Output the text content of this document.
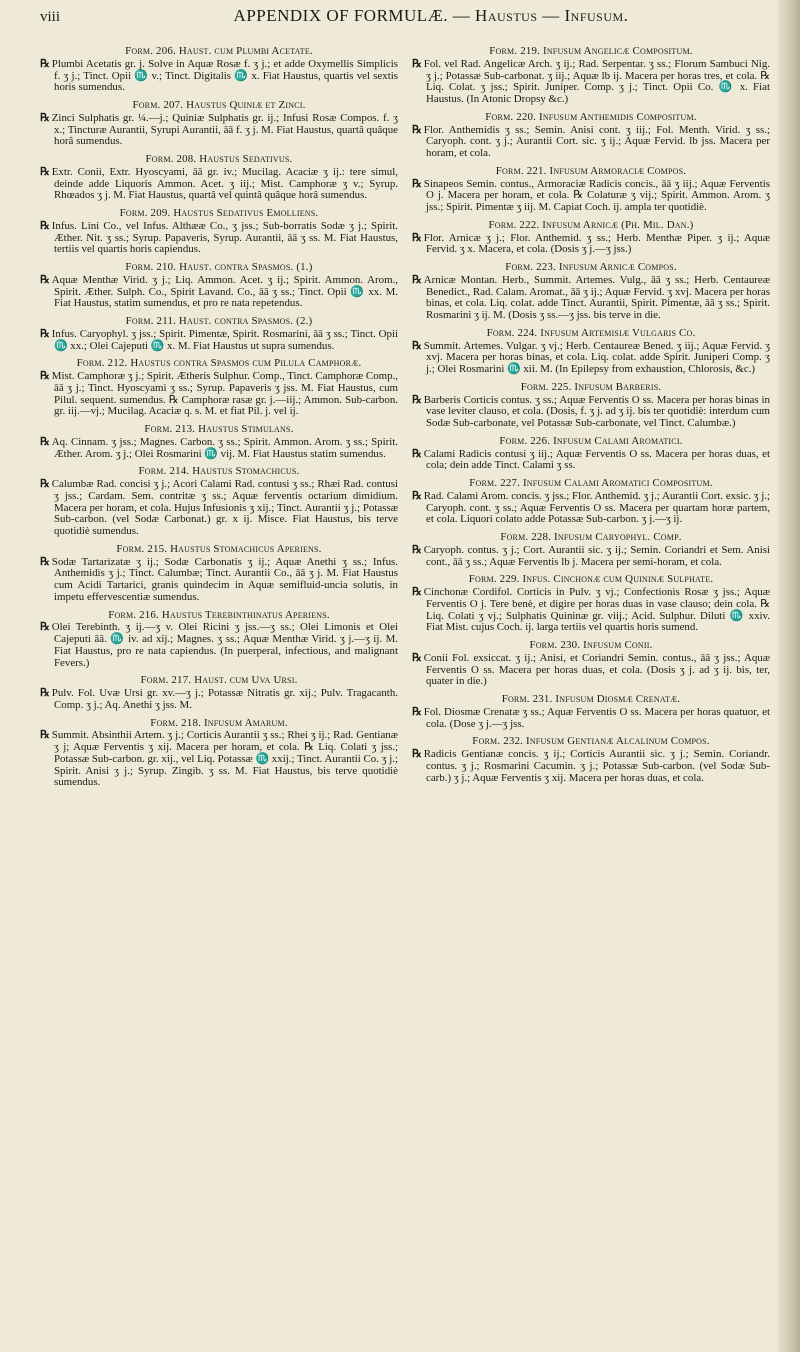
viii	APPENDIX OF FORMULÆ. — Haustus — Infusum.
Form. 206. Haust. cum Plumbi Acetate.
℞ Plumbi Acetatis gr. j. Solve in Aquæ Rosæ f. ʒ j.; et adde Oxymellis Simplicis f. ʒ j.; Tinct. Opii ♏ v.; Tinct. Digitalis ♏ x. Fiat Haustus, quartis vel sextis horis sumendus.
Form. 207. Haustus Quiniæ et Zinci.
℞ Zinci Sulphatis gr. ¼.—j.; Quiniæ Sulphatis gr. ij.; Infusi Rosæ Compos. f. ʒ x.; Tincturæ Aurantii, Syrupi Aurantii, āā f. ʒ j. M. Fiat Haustus, quartâ quâque horâ sumendus.
Form. 208. Haustus Sedativus.
℞ Extr. Conii, Extr. Hyoscyami, āā gr. iv.; Mucilag. Acaciæ ʒ ij.: tere simul, deinde adde Liquoris Ammon. Acet. ʒ iij.; Mist. Camphoræ ʒ v.; Syrup. Rhœados ʒ j. M. Fiat Haustus, quartâ vel quintâ quâque horâ sumendus.
Form. 209. Haustus Sedativus Emolliens.
℞ Infus. Lini Co., vel Infus. Althææ Co., ʒ jss.; Sub-borratis Sodæ ʒ j.; Spirit. Æther. Nit. ʒ ss.; Syrup. Papaveris, Syrup. Aurantii, āā ʒ ss. M. Fiat Haustus, tertiis vel quartis horis capiendus.
Form. 210. Haust. contra Spasmos. (1.)
℞ Aquæ Menthæ Virid. ʒ j.; Liq. Ammon. Acet. ʒ ij.; Spirit. Ammon. Arom., Spirit. Æther. Sulph. Co., Spirit Lavand. Co., āā ʒ ss.; Tinct. Opii ♏ xx. M. Fiat Haustus, statim sumendus, et pro re nata repetendus.
Form. 211. Haust. contra Spasmos. (2.)
℞ Infus. Caryophyl. ʒ jss.; Spirit. Pimentæ, Spirit. Rosmarini, āā ʒ ss.; Tinct. Opii ♏ xx.; Olei Cajeputi ♏ x. M. Fiat Haustus ut supra sumendus.
Form. 212. Haustus contra Spasmos cum Pilula Camphoræ.
℞ Mist. Camphoræ ʒ j.; Spirit. Ætheris Sulphur. Comp., Tinct. Camphoræ Comp., āā ʒ j.; Tinct. Hyoscyami ʒ ss.; Syrup. Papaveris ʒ jss. M. Fiat Haustus, cum Pilul. sequent. sumendus. ℞ Camphoræ rasæ gr. j.—iij.; Ammon. Sub-carbon. gr. iij.—vj.; Mucilag. Acaciæ q. s. M. et fiat Pil. j. vel ij.
Form. 213. Haustus Stimulans.
℞ Aq. Cinnam. ʒ jss.; Magnes. Carbon. ʒ ss.; Spirit. Ammon. Arom. ʒ ss.; Spirit. Æther. Arom. ʒ j.; Olei Rosmarini ♏ vij. M. Fiat Haustus statim sumendus.
Form. 214. Haustus Stomachicus.
℞ Calumbæ Rad. concisi ʒ j.; Acori Calami Rad. contusi ʒ ss.; Rhæi Rad. contusi ʒ jss.; Cardam. Sem. contritæ ʒ ss.; Aquæ ferventis octarium dimidium. Macera per horam, et cola. Hujus Infusionis ʒ xij.; Tinct. Aurantii ʒ j.; Potassæ Sub-carbon. (vel Sodæ Carbonat.) gr. x ij. Misce. Fiat Haustus, bis terve quotidiè sumendus.
Form. 215. Haustus Stomachicus Aperiens.
℞ Sodæ Tartarizatæ ʒ ij.; Sodæ Carbonatis ʒ ij.; Aquæ Anethi ʒ ss.; Infus. Anthemidis ʒ j.; Tinct. Calumbæ; Tinct. Aurantii Co., āā ʒ j. M. Fiat Haustus cum Acidi Tartarici, granis quindecim in Aquæ semifluid-uncia solutis, in impetu effervescentiæ sumendus.
Form. 216. Haustus Terebinthinatus Aperiens.
℞ Olei Terebinth. ʒ ij.—ʒ v. Olei Ricini ʒ jss.—ʒ ss.; Olei Limonis et Olei Cajeputi āā. ♏ iv. ad xij.; Magnes. ʒ ss.; Aquæ Menthæ Virid. ʒ j.—ʒ ij. M. Fiat Haustus, pro re nata capiendus. (In puerperal, infectious, and malignant Fevers.)
Form. 217. Haust. cum Uva Ursi.
℞ Pulv. Fol. Uvæ Ursi gr. xv.—ʒ j.; Potassæ Nitratis gr. xij.; Pulv. Tragacanth. Comp. ʒ j.; Aq. Anethi ʒ jss. M.
Form. 218. Infusum Amarum.
℞ Summit. Absinthii Artem. ʒ j.; Corticis Aurantii ʒ ss.; Rhei ʒ ij.; Rad. Gentianæ ʒ j; Aquæ Ferventis ʒ xij. Macera per horam, et cola. ℞ Liq. Colati ʒ jss.; Potassæ Sub-carbon. gr. xij., vel Liq. Potassæ ♏ xxij.; Tinct. Aurantii Co. ʒ j.; Spirit. Anisi ʒ j.; Syrup. Zingib. ʒ ss. M. Fiat Haustus, bis terve quotidiè sumendus.
Form. 219. Infusum Angelicæ Compositum.
℞ Fol. vel Rad. Angelicæ Arch. ʒ ij.; Rad. Serpentar. ʒ ss.; Florum Sambuci Nig. ʒ j.; Potassæ Sub-carbonat. ʒ iij.; Aquæ lb ij. Macera per horas tres, et cola. ℞ Liq. Colat. ʒ jss.; Spirit. Juniper. Comp. ʒ j.; Tinct. Opii Co. ♏ x. Fiat Haustus. (In Atonic Dropsy &c.)
Form. 220. Infusum Anthemidis Compositum.
℞ Flor. Anthemidis ʒ ss.; Semin. Anisi cont. ʒ iij.; Fol. Menth. Virid. ʒ ss.; Caryoph. cont. ʒ j.; Aurantii Cort. sic. ʒ ij.; Aquæ Fervid. lb jss. Macera per horam, et cola.
Form. 221. Infusum Armoraciæ Compos.
℞ Sinapeos Semin. contus., Armoraciæ Radicis concis., āā ʒ iij.; Aquæ Ferventis O j. Macera per horam, et cola. ℞ Colaturæ ʒ vij.; Spirit. Ammon. Arom. ʒ jss.; Spirit. Pimentæ ʒ iij. M. Capiat Coch. ij. ampla ter quotidiè.
Form. 222. Infusum Arnicæ (Ph. Mil. Dan.)
℞ Flor. Arnicæ ʒ j.; Flor. Anthemid. ʒ ss.; Herb. Menthæ Piper. ʒ ij.; Aquæ Fervid. ʒ x. Macera, et cola. (Dosis ʒ j.—ʒ jss.)
Form. 223. Infusum Arnicæ Compos.
℞ Arnicæ Montan. Herb., Summit. Artemes. Vulg., āā ʒ ss.; Herb. Centaureæ Benedict., Rad. Calam. Aromat., āā ʒ ij.; Aquæ Fervid. ʒ xvj. Macera per horas binas, et cola. Liq. colat. adde Tinct. Aurantii, Spirit. Pimentæ, āā ʒ ss.; Spirit. Rosmarini ʒ ij. M. (Dosis ʒ ss.—ʒ jss. bis terve in die.
Form. 224. Infusum Artemisiæ Vulgaris Co.
℞ Summit. Artemes. Vulgar. ʒ vj.; Herb. Centaureæ Bened. ʒ iij.; Aquæ Fervid. ʒ xvj. Macera per horas binas, et cola. Liq. colat. adde Spirit. Juniperi Comp. ʒ j.; Olei Rosmarini ♏ xii. M. (In Epilepsy from exhaustion, Chlorosis, &c.)
Form. 225. Infusum Barberis.
℞ Barberis Corticis contus. ʒ ss.; Aquæ Ferventis O ss. Macera per horas binas in vase leviter clauso, et cola. (Dosis, f. ʒ j. ad ʒ ij. bis ter quotidiè: interdum cum Sodæ Sub-carbonate, vel Potassæ Sub-carbonate, vel Tinct. Calumbæ.)
Form. 226. Infusum Calami Aromatici.
℞ Calami Radicis contusi ʒ iij.; Aquæ Ferventis O ss. Macera per horas duas, et cola; dein adde Tinct. Calami ʒ ss.
Form. 227. Infusum Calami Aromatici Compositum.
℞ Rad. Calami Arom. concis. ʒ jss.; Flor. Anthemid. ʒ j.; Aurantii Cort. exsic. ʒ j.; Caryoph. cont. ʒ ss.; Aquæ Ferventis O ss. Macera per quartam horæ partem, et cola. Liquori colato adde Potassæ Sub-carbon. ʒ j.—ʒ ij.
Form. 228. Infusum Caryophyl. Comp.
℞ Caryoph. contus. ʒ j.; Cort. Aurantii sic. ʒ ij.; Semin. Coriandri et Sem. Anisi cont., āā ʒ ss.; Aquæ Ferventis lb j. Macera per semi-horam, et cola.
Form. 229. Infus. Cinchonæ cum Quininæ Sulphate.
℞ Cinchonæ Cordifol. Corticis in Pulv. ʒ vj.; Confectionis Rosæ ʒ jss.; Aquæ Ferventis O j. Tere benè, et digire per horas duas in vase clauso; dein cola. ℞ Liq. Colati ʒ vj.; Sulphatis Quininæ gr. viij.; Acid. Sulphur. Diluti ♏ xxiv. Fiat Mist. cujus Coch. ij. larga tertiis vel quartis horis sumend.
Form. 230. Infusum Conii.
℞ Conii Fol. exsiccat. ʒ ij.; Anisi, et Coriandri Semin. contus., āā ʒ jss.; Aquæ Ferventis O ss. Macera per horas duas, et cola. (Dosis ʒ j. ad ʒ ij. bis, ter, quater in die.)
Form. 231. Infusum Diosmæ Crenatæ.
℞ Fol. Diosmæ Crenatæ ʒ ss.; Aquæ Ferventis O ss. Macera per horas quatuor, et cola. (Dose ʒ j.—ʒ jss.
Form. 232. Infusum Gentianæ Alcalinum Compos.
℞ Radicis Gentianæ concis. ʒ ij.; Corticis Aurantii sic. ʒ j.; Semin. Coriandr. contus. ʒ j.; Rosmarini Cacumin. ʒ j.; Potassæ Sub-carbon. (vel Sodæ Sub-carb.) ʒ j.; Aquæ Ferventis ʒ xij. Macera per horas duas, et cola.
